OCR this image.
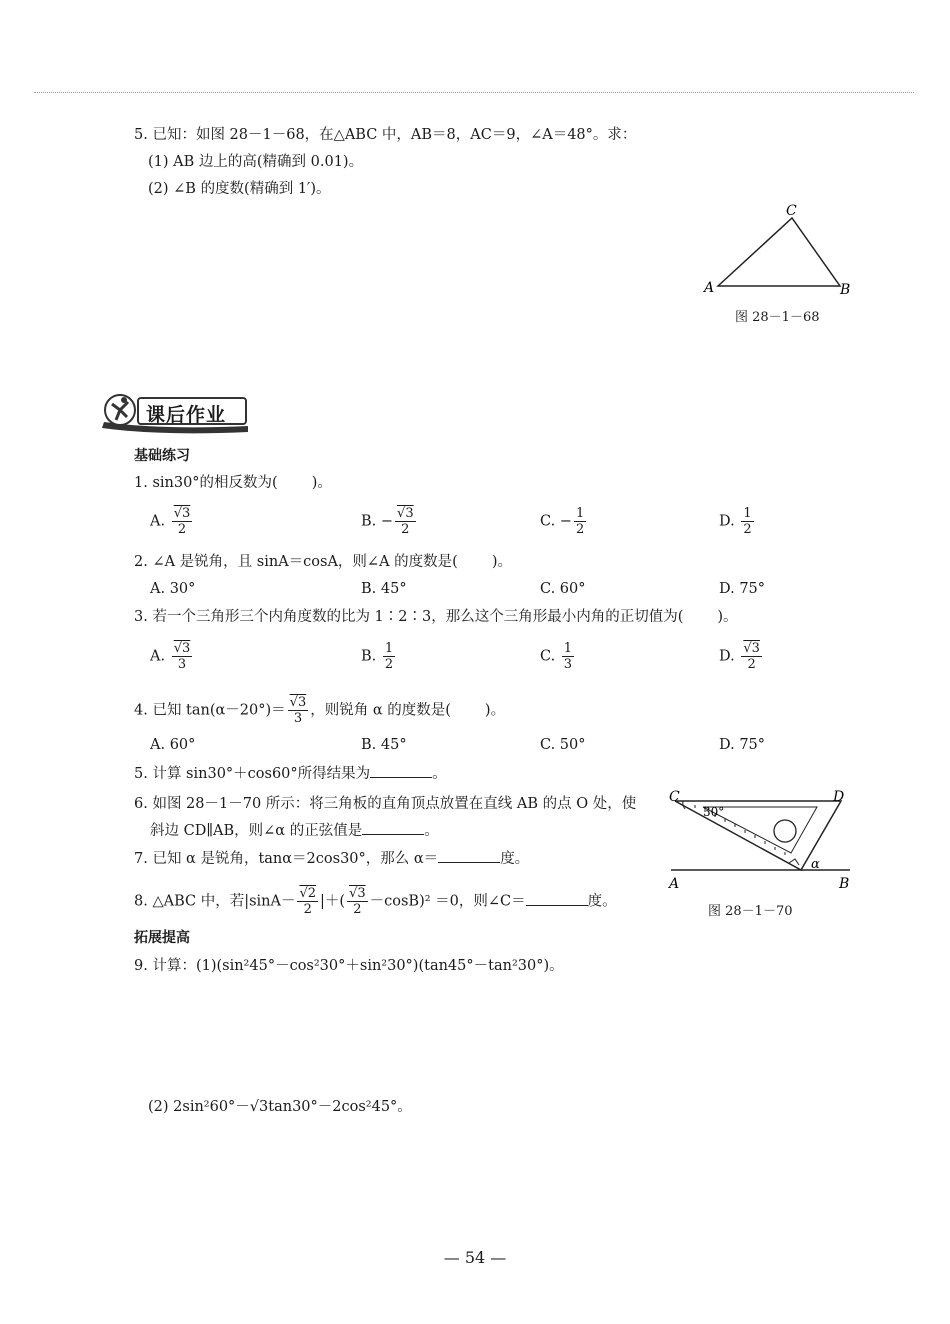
5. 已知：如图 28－1－68，在△ABC 中，AB＝8，AC＝9，∠A＝48°。求：
(1) AB 边上的高(精确到 0.01)。
(2) ∠B 的度数(精确到 1′)。
A	B
C
图 28－1－68
课后作业
基础练习
1. sin30°的相反数为( )。
A. $\frac{√3}{2}$	B. − $\frac{√3}{2}$	C. − $\frac{1}{2}$	D. $\frac{1}{2}$
2. ∠A 是锐角，且 sinA＝cosA，则∠A 的度数是( )。
A. 30°	B. 45°	C. 60°	D. 75°
3. 若一个三角形三个内角度数的比为 1∶2∶3，那么这个三角形最小内角的正切值为( )。
A. $\frac{√3}{3}$	B. $\frac{1}{2}$	C. $\frac{1}{3}$	D. $\frac{√3}{2}$
4. 已知 $\tan(\alpha-20^\circ)= \frac{√3}{3}$ ，则锐角 α 的度数是( )。
A. 60°	B. 45°	C. 50°	D. 75°
5. 计算 sin30°＋cos60°所得结果为	。
6. 如图 28－1－70 所示：将三角板的直角顶点放置在直线 AB 的点 O 处，使
斜边 CD∥AB，则∠α 的正弦值是	。
C	D
30°
α
A	B
图 28－1－70
7. 已知 α 是锐角，tanα＝2cos30°，那么 α＝	度。
8. △ABC 中，若$|\sin A- \frac{√2}{2}$ |＋( $\frac{√3}{2} -\cos B)^2 =0$，则∠C＝	度。
拓展提高
9. 计算：(1)(sin²45°－cos²30°＋sin²30°)(tan45°－tan²30°)。
(2) 2sin²60°－√3tan30°－2cos²45°。
— 54 —
